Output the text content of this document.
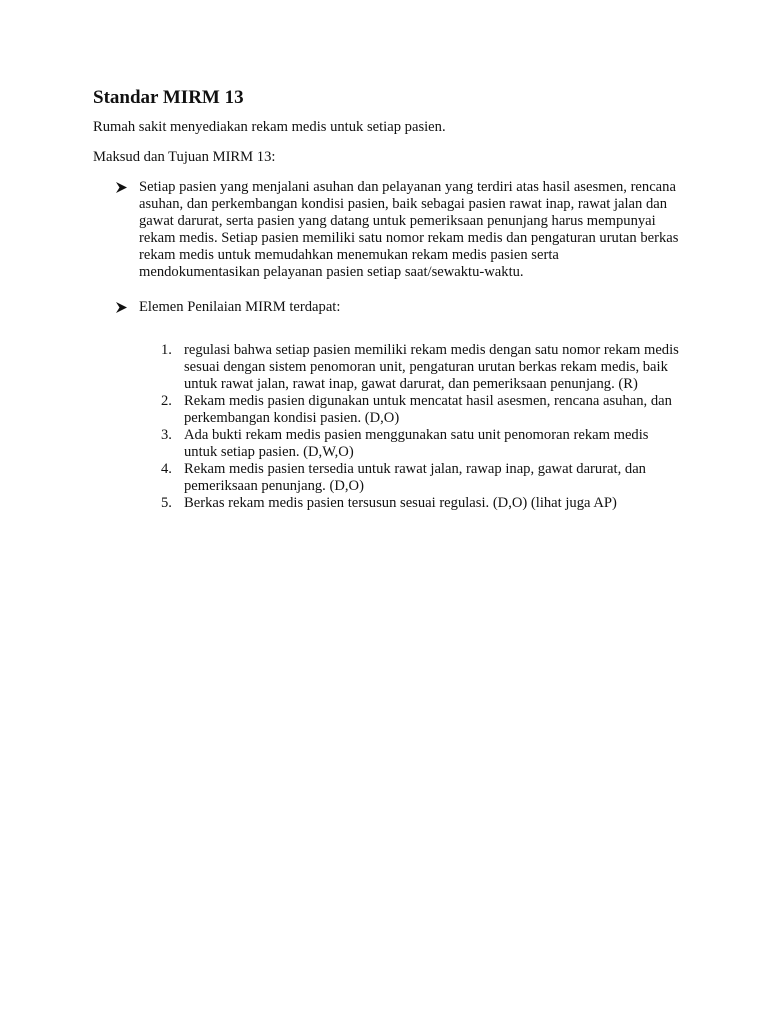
Standar MIRM 13

Rumah sakit menyediakan rekam medis untuk setiap pasien.

Maksud dan Tujuan MIRM 13:

Setiap pasien yang menjalani asuhan dan pelayanan yang terdiri atas hasil asesmen, rencana asuhan, dan perkembangan kondisi pasien, baik sebagai pasien rawat inap, rawat jalan dan gawat darurat, serta pasien yang datang untuk pemeriksaan penunjang harus mempunyai rekam medis. Setiap pasien memiliki satu nomor rekam medis dan pengaturan urutan berkas rekam medis untuk memudahkan menemukan rekam medis pasien serta mendokumentasikan pelayanan pasien setiap saat/sewaktu-waktu.
Elemen Penilaian MIRM terdapat:
1. regulasi bahwa setiap pasien memiliki rekam medis dengan satu nomor rekam medis sesuai dengan sistem penomoran unit, pengaturan urutan berkas rekam medis, baik untuk rawat jalan, rawat inap, gawat darurat, dan pemeriksaan penunjang. (R)
2. Rekam medis pasien digunakan untuk mencatat hasil asesmen, rencana asuhan, dan perkembangan kondisi pasien. (D,O)
3. Ada bukti rekam medis pasien menggunakan satu unit penomoran rekam medis untuk setiap pasien. (D,W,O)
4. Rekam medis pasien tersedia untuk rawat jalan, rawap inap, gawat darurat, dan pemeriksaan penunjang. (D,O)
5. Berkas rekam medis pasien tersusun sesuai regulasi. (D,O) (lihat juga AP)
